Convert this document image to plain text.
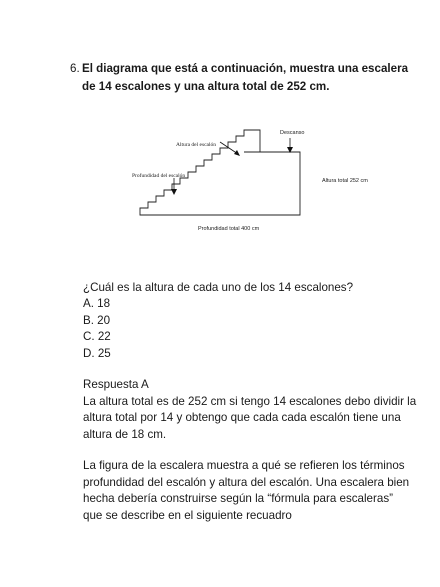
6. El diagrama que está a continuación, muestra una escalera
de 14 escalones y una altura total de 252 cm.
Descanso
Altura del escalón
Profundidad del escalón
Altura total 252 cm
Profundidad total 400 cm
¿Cuál es la altura de cada uno de los 14 escalones?
A. 18
B. 20
C. 22
D. 25
Respuesta A
La altura total es de 252 cm si tengo 14 escalones debo dividir la
altura total por 14 y obtengo que cada cada escalón tiene una
altura de 18 cm.
La figura de la escalera muestra a qué se refieren los términos
profundidad del escalón y altura del escalón. Una escalera bien
hecha debería construirse según la “fórmula para escaleras”
que se describe en el siguiente recuadro
